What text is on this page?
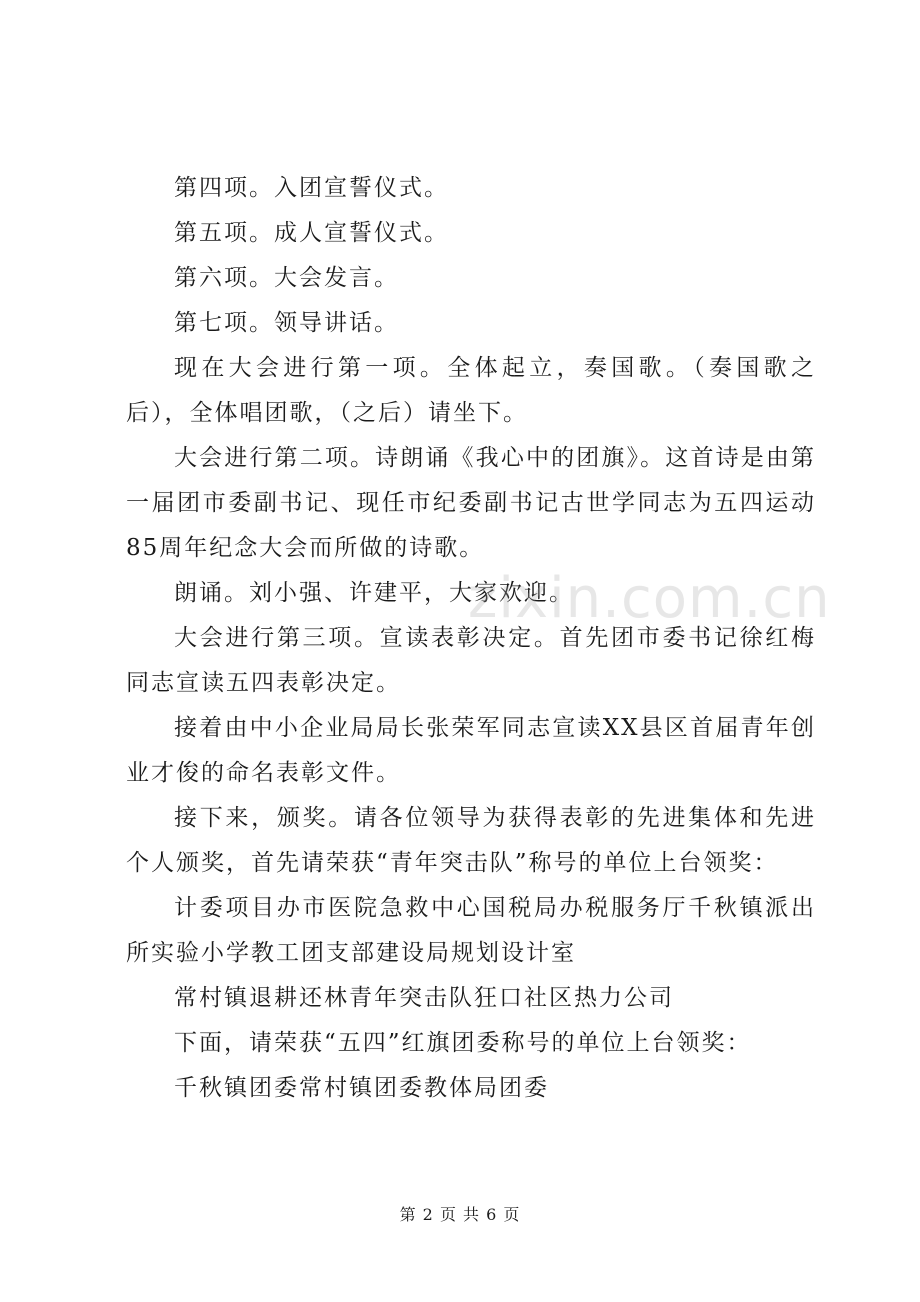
第四项。入团宣誓仪式。

第五项。成人宣誓仪式。

第六项。大会发言。

第七项。领导讲话。

现在大会进行第一项。全体起立，奏国歌。（奏国歌之后），全体唱团歌，（之后）请坐下。

大会进行第二项。诗朗诵《我心中的团旗》。这首诗是由第一届团市委副书记、现任市纪委副书记古世学同志为五四运动85周年纪念大会而所做的诗歌。

朗诵。刘小强、许建平，大家欢迎。

大会进行第三项。宣读表彰决定。首先团市委书记徐红梅同志宣读五四表彰决定。

接着由中小企业局局长张荣军同志宣读XX县区首届青年创业才俊的命名表彰文件。

接下来，颁奖。请各位领导为获得表彰的先进集体和先进个人颁奖，首先请荣获“青年突击队”称号的单位上台领奖：

计委项目办市医院急救中心国税局办税服务厅千秋镇派出所实验小学教工团支部建设局规划设计室

常村镇退耕还林青年突击队狂口社区热力公司

下面，请荣获“五四”红旗团委称号的单位上台领奖：

千秋镇团委常村镇团委教体局团委

zixin.com.cn
第 2 页 共 6 页
